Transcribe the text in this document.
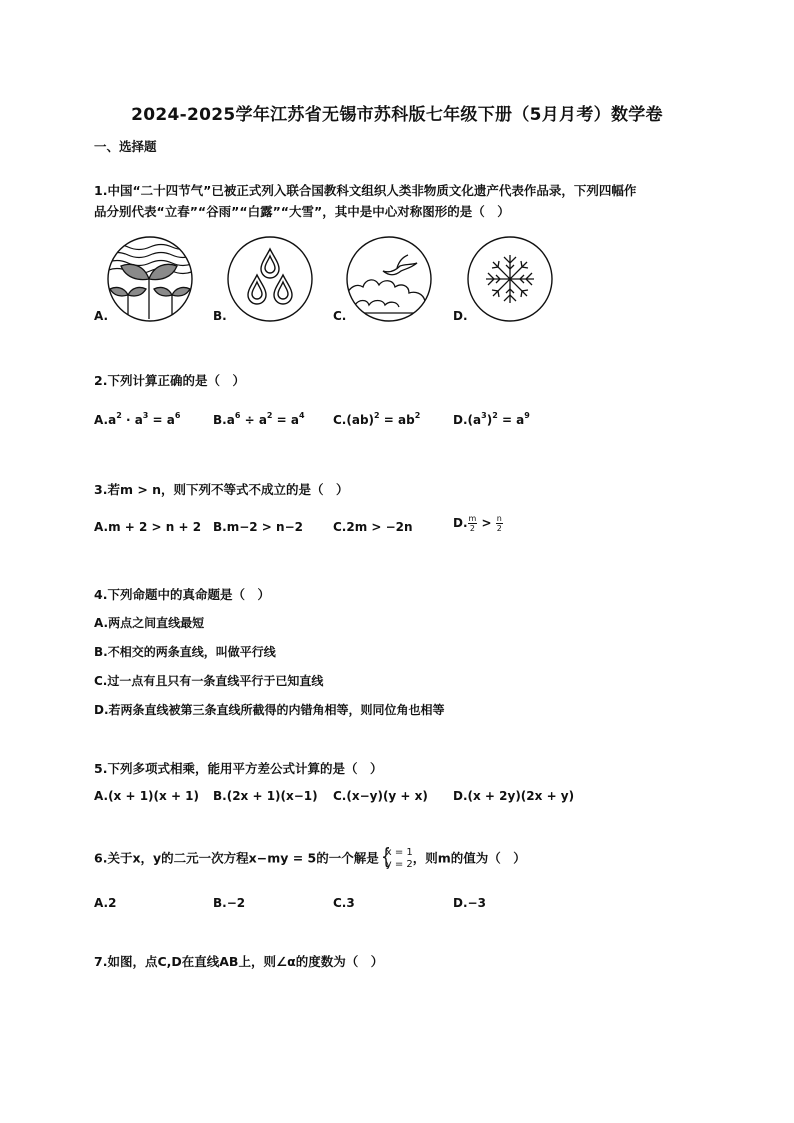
2024-2025学年江苏省无锡市苏科版七年级下册（5月月考）数学卷
一、选择题
1.中国“二十四节气”已被正式列入联合国教科文组织人类非物质文化遗产代表作品录，下列四幅作
品分别代表“立春”“谷雨”“白露”“大雪”，其中是中心对称图形的是（　）
A.	B.	C.	D.
2.下列计算正确的是（　）
$A.a^2 \cdot a^3 = a^6$	$B.a^6 \div a^2 = a^4$ $C.(ab)^2 = ab^2$	$D.(a^3)^2 = a^9$
3.若m > n，则下列不等式不成立的是（　）
A.m + 2 > n + 2 B.m−2 > n−2	C.2m > −2n	D. $\frac{m}{2} > \frac{n}{2}$
4.下列命题中的真命题是（　）
A.两点之间直线最短
B.不相交的两条直线，叫做平行线
C.过一点有且只有一条直线平行于已知直线
D.若两条直线被第三条直线所截得的内错角相等，则同位角也相等
5.下列多项式相乘，能用平方差公式计算的是（　）
A.(x + 1)(x + 1) B.(2x + 1)(x−1) C.(x−y)(y + x) D.(x + 2y)(2x + y)
6.关于x，y的二元一次方程x−my = 5的一个解是 {
x = 1
y = 2 ，则m的值为（　）
A.2	B.−2	C.3	D.−3
7.如图，点C,D在直线AB上，则∠α的度数为（　）
